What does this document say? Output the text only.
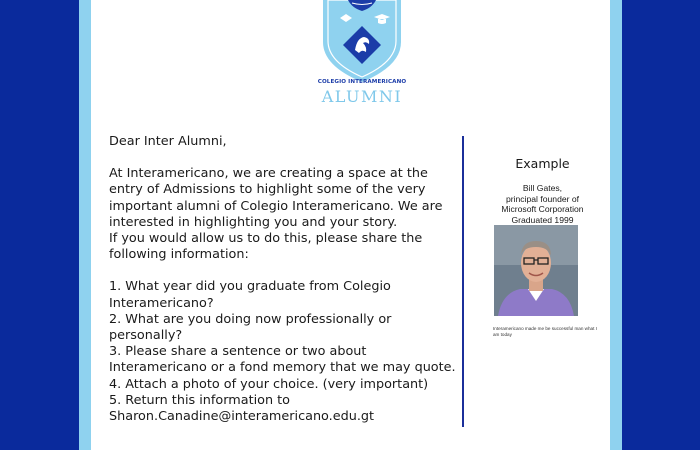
COLEGIO INTERAMERICANO
ALUMNI

Dear Inter Alumni,

At Interamericano, we are creating a space at the entry of Admissions to highlight some of the very important alumni of Colegio Interamericano. We are interested in highlighting you and your story.

If you would allow us to do this, please share the following information:

1. What year did you graduate from Colegio Interamericano?

2. What are you doing now professionally or personally?

3. Please share a sentence or two about Interamericano or a fond memory that we may quote.

4. Attach a photo of your choice. (very important)

5. Return this information to Sharon.Canadine@interamericano.edu.gt

Example

Bill Gates,
principal founder of
Microsoft Corporation
Graduated 1999
Interamericano made me be successful man what I am today
